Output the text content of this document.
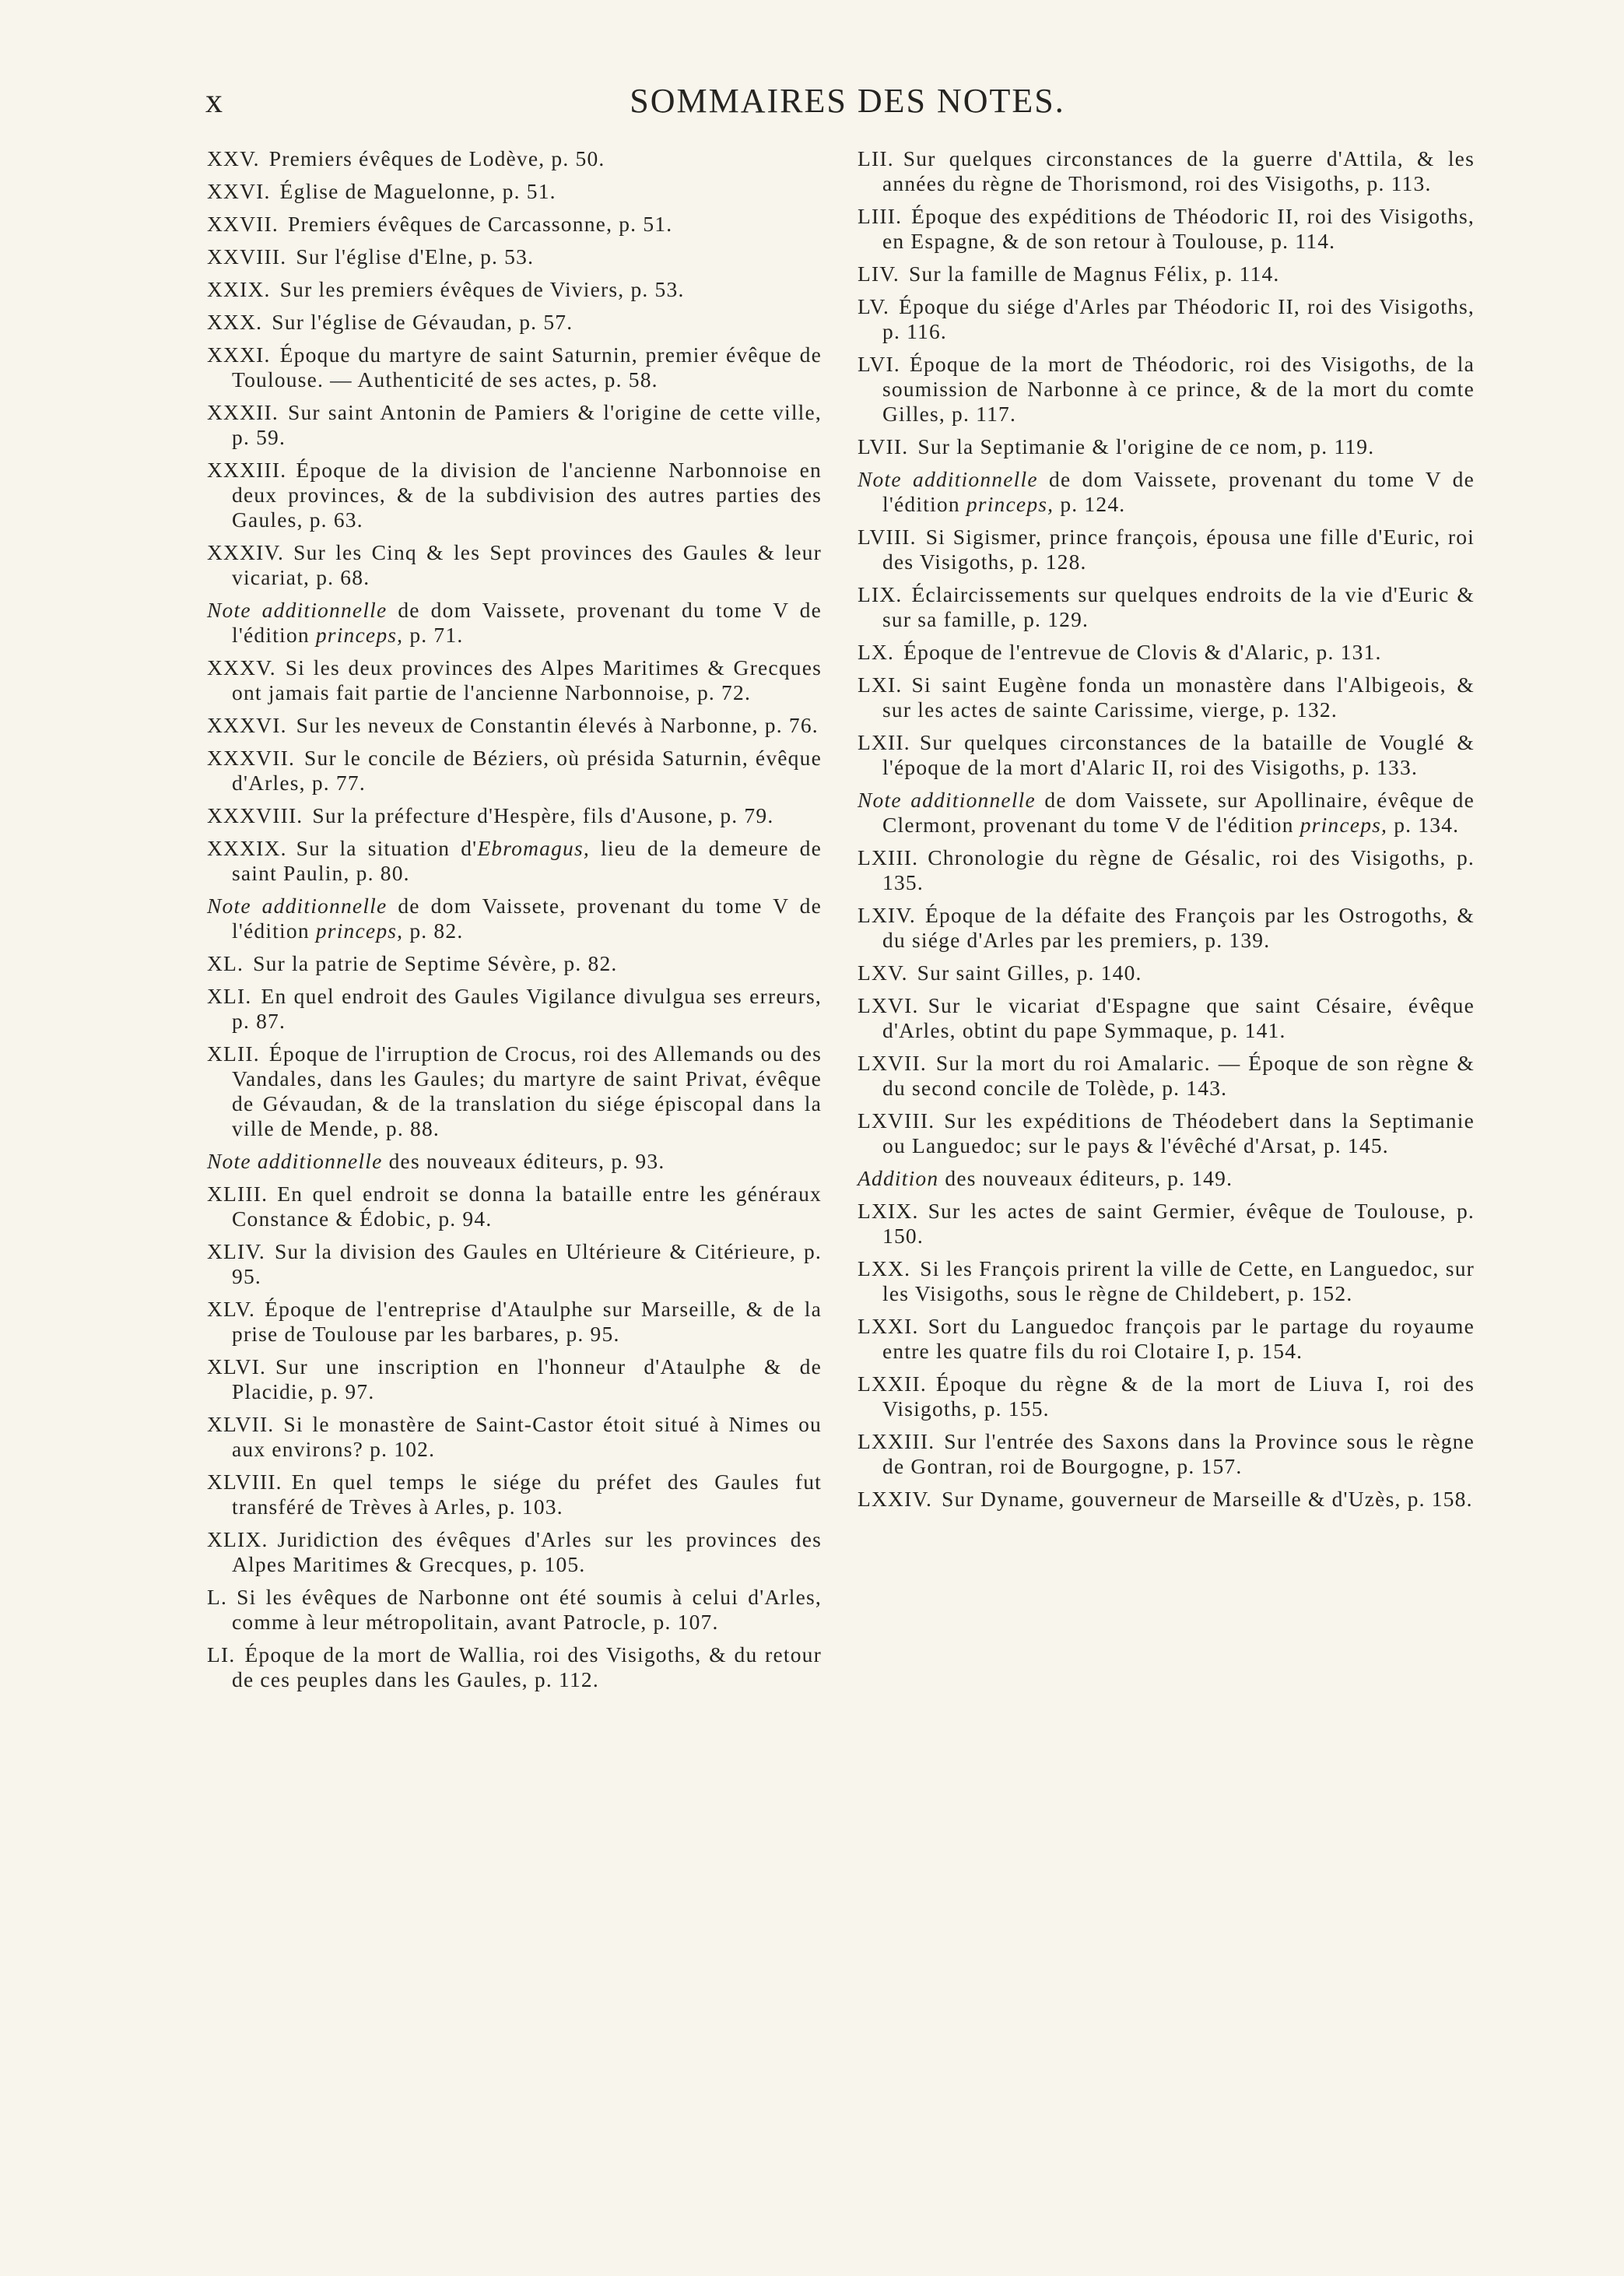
x	SOMMAIRES DES NOTES.
XXV. Premiers évêques de Lodève, p. 50.
XXVI. Église de Maguelonne, p. 51.
XXVII. Premiers évêques de Carcassonne, p. 51.
XXVIII. Sur l'église d'Elne, p. 53.
XXIX. Sur les premiers évêques de Viviers, p. 53.
XXX. Sur l'église de Gévaudan, p. 57.
XXXI. Époque du martyre de saint Saturnin, premier évêque de Toulouse. — Authenticité de ses actes, p. 58.
XXXII. Sur saint Antonin de Pamiers & l'origine de cette ville, p. 59.
XXXIII. Époque de la division de l'ancienne Narbonnoise en deux provinces, & de la subdivision des autres parties des Gaules, p. 63.
XXXIV. Sur les Cinq & les Sept provinces des Gaules & leur vicariat, p. 68.
Note additionnelle de dom Vaissete, provenant du tome V de l'édition princeps, p. 71.
XXXV. Si les deux provinces des Alpes Maritimes & Grecques ont jamais fait partie de l'ancienne Narbonnoise, p. 72.
XXXVI. Sur les neveux de Constantin élevés à Narbonne, p. 76.
XXXVII. Sur le concile de Béziers, où présida Saturnin, évêque d'Arles, p. 77.
XXXVIII. Sur la préfecture d'Hespère, fils d'Ausone, p. 79.
XXXIX. Sur la situation d'Ebromagus, lieu de la demeure de saint Paulin, p. 80.
Note additionnelle de dom Vaissete, provenant du tome V de l'édition princeps, p. 82.
XL. Sur la patrie de Septime Sévère, p. 82.
XLI. En quel endroit des Gaules Vigilance divulgua ses erreurs, p. 87.
XLII. Époque de l'irruption de Crocus, roi des Allemands ou des Vandales, dans les Gaules; du martyre de saint Privat, évêque de Gévaudan, & de la translation du siége épiscopal dans la ville de Mende, p. 88.
Note additionnelle des nouveaux éditeurs, p. 93.
XLIII. En quel endroit se donna la bataille entre les généraux Constance & Édobic, p. 94.
XLIV. Sur la division des Gaules en Ultérieure & Citérieure, p. 95.
XLV. Époque de l'entreprise d'Ataulphe sur Marseille, & de la prise de Toulouse par les barbares, p. 95.
XLVI. Sur une inscription en l'honneur d'Ataulphe & de Placidie, p. 97.
XLVII. Si le monastère de Saint-Castor étoit situé à Nimes ou aux environs? p. 102.
XLVIII. En quel temps le siége du préfet des Gaules fut transféré de Trèves à Arles, p. 103.
XLIX. Juridiction des évêques d'Arles sur les provinces des Alpes Maritimes & Grecques, p. 105.
L. Si les évêques de Narbonne ont été soumis à celui d'Arles, comme à leur métropolitain, avant Patrocle, p. 107.
LI. Époque de la mort de Wallia, roi des Visigoths, & du retour de ces peuples dans les Gaules, p. 112.
LII. Sur quelques circonstances de la guerre d'Attila, & les années du règne de Thorismond, roi des Visigoths, p. 113.
LIII. Époque des expéditions de Théodoric II, roi des Visigoths, en Espagne, & de son retour à Toulouse, p. 114.
LIV. Sur la famille de Magnus Félix, p. 114.
LV. Époque du siége d'Arles par Théodoric II, roi des Visigoths, p. 116.
LVI. Époque de la mort de Théodoric, roi des Visigoths, de la soumission de Narbonne à ce prince, & de la mort du comte Gilles, p. 117.
LVII. Sur la Septimanie & l'origine de ce nom, p. 119.
Note additionnelle de dom Vaissete, provenant du tome V de l'édition princeps, p. 124.
LVIII. Si Sigismer, prince françois, épousa une fille d'Euric, roi des Visigoths, p. 128.
LIX. Éclaircissements sur quelques endroits de la vie d'Euric & sur sa famille, p. 129.
LX. Époque de l'entrevue de Clovis & d'Alaric, p. 131.
LXI. Si saint Eugène fonda un monastère dans l'Albigeois, & sur les actes de sainte Carissime, vierge, p. 132.
LXII. Sur quelques circonstances de la bataille de Vouglé & l'époque de la mort d'Alaric II, roi des Visigoths, p. 133.
Note additionnelle de dom Vaissete, sur Apollinaire, évêque de Clermont, provenant du tome V de l'édition princeps, p. 134.
LXIII. Chronologie du règne de Gésalic, roi des Visigoths, p. 135.
LXIV. Époque de la défaite des François par les Ostrogoths, & du siége d'Arles par les premiers, p. 139.
LXV. Sur saint Gilles, p. 140.
LXVI. Sur le vicariat d'Espagne que saint Césaire, évêque d'Arles, obtint du pape Symmaque, p. 141.
LXVII. Sur la mort du roi Amalaric. — Époque de son règne & du second concile de Tolède, p. 143.
LXVIII. Sur les expéditions de Théodebert dans la Septimanie ou Languedoc; sur le pays & l'évêché d'Arsat, p. 145.
Addition des nouveaux éditeurs, p. 149.
LXIX. Sur les actes de saint Germier, évêque de Toulouse, p. 150.
LXX. Si les François prirent la ville de Cette, en Languedoc, sur les Visigoths, sous le règne de Childebert, p. 152.
LXXI. Sort du Languedoc françois par le partage du royaume entre les quatre fils du roi Clotaire I, p. 154.
LXXII. Époque du règne & de la mort de Liuva I, roi des Visigoths, p. 155.
LXXIII. Sur l'entrée des Saxons dans la Province sous le règne de Gontran, roi de Bourgogne, p. 157.
LXXIV. Sur Dyname, gouverneur de Marseille & d'Uzès, p. 158.
